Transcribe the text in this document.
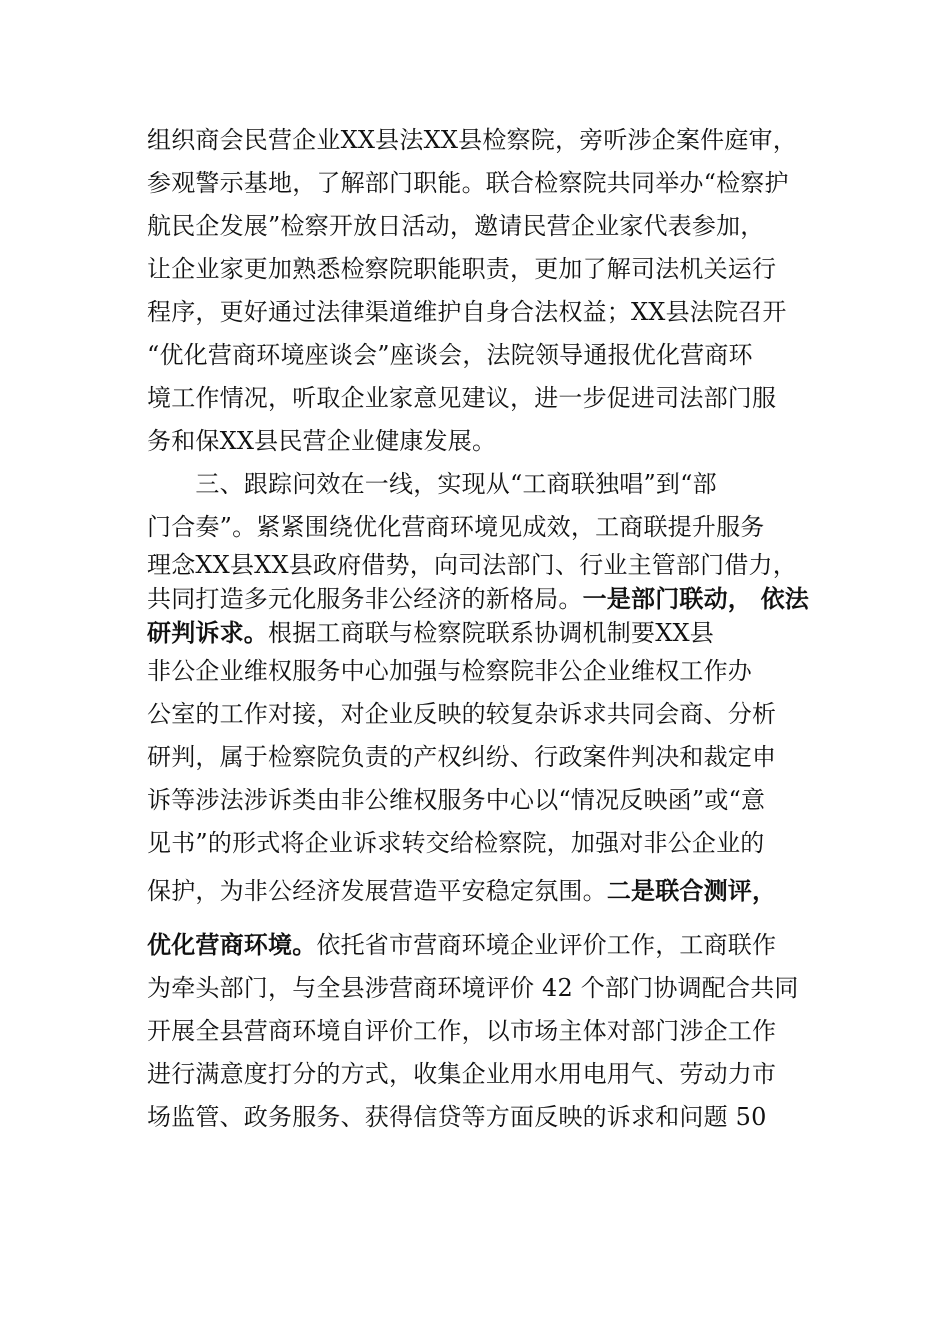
组织商会民营企业XX县法XX县检察院，旁听涉企案件庭审，
参观警示基地，了解部门职能。联合检察院共同举办“检察护
航民企发展”检察开放日活动，邀请民营企业家代表参加，
让企业家更加熟悉检察院职能职责，更加了解司法机关运行
程序，更好通过法律渠道维护自身合法权益；XX县法院召开
“优化营商环境座谈会”座谈会，法院领导通报优化营商环
境工作情况，听取企业家意见建议，进一步促进司法部门服
务和保XX县民营企业健康发展。
　　三、跟踪问效在一线，实现从“工商联独唱”到“部
门合奏”。紧紧围绕优化营商环境见成效，工商联提升服务
理念XX县XX县政府借势，向司法部门、行业主管部门借力，
共同打造多元化服务非公经济的新格局。一是部门联动， 依法
研判诉求。根据工商联与检察院联系协调机制要XX县
非公企业维权服务中心加强与检察院非公企业维权工作办
公室的工作对接，对企业反映的较复杂诉求共同会商、分析
研判，属于检察院负责的产权纠纷、行政案件判决和裁定申
诉等涉法涉诉类由非公维权服务中心以“情况反映函”或“意
见书”的形式将企业诉求转交给检察院，加强对非公企业的
保护，为非公经济发展营造平安稳定氛围。二是联合测评，
优化营商环境。依托省市营商环境企业评价工作，工商联作
为牵头部门，与全县涉营商环境评价 42 个部门协调配合共同
开展全县营商环境自评价工作，以市场主体对部门涉企工作
进行满意度打分的方式，收集企业用水用电用气、劳动力市
场监管、政务服务、获得信贷等方面反映的诉求和问题 50
